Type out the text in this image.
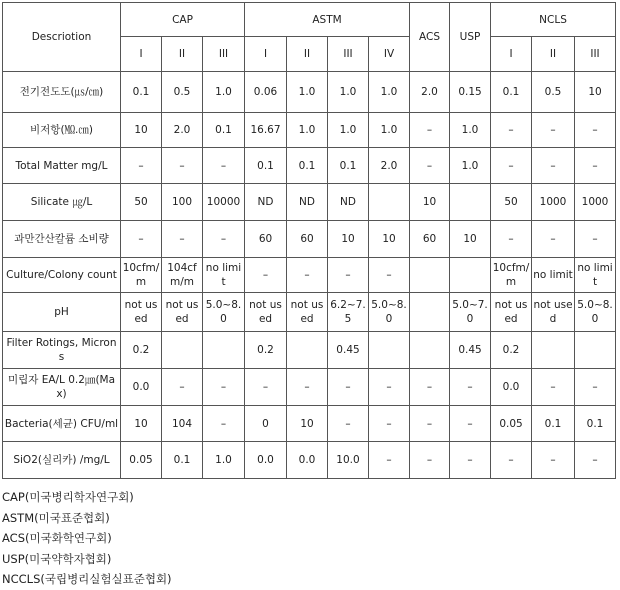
Descriotion	CAP			ASTM				ACS	USP	NCLS		
	I	II	III	I	II	III	IV			I	II	III
전기전도도(㎲/㎝)	0.1	0.5	1.0	0.06	1.0	1.0	1.0	2.0	0.15	0.1	0.5	10
비저항(㏁.㎝)	10	2.0	0.1	16.67	1.0	1.0	1.0	–	1.0	–	–	–
Total Matter mg/L	–	–	–	0.1	0.1	0.1	2.0	–	1.0	–	–	–
Silicate ㎍/L	50	100	10000	ND	ND	ND		10		50	1000	1000
과만간산칼륨 소비량	–	–	–	60	60	10	10	60	10	–	–	–
Culture/Colony count	10cfm/m	104cfm/m	no limit	–	–	–	–			10cfm/m	no limit	no limit
pH	not used	not used	5.0~8.0	not used	not used	6.2~7.5	5.0~8.0		5.0~7.0	not used	not used	5.0~8.0
Filter Rotings, Microns	0.2			0.2		0.45			0.45	0.2		
미립자 EA/L 0.2㎛(Max)	0.0	–	–	–	–	–	–	–	–	0.0	–	–
Bacteria(세균) CFU/ml	10	104	–	0	10	–	–	–	–	0.05	0.1	0.1
SiO2(실리카) /mg/L	0.05	0.1	1.0	0.0	0.0	10.0	–	–	–	–	–	–
CAP(미국병리학자연구회)
ASTM(미국표준협회)
ACS(미국화학연구회)
USP(미국약학자협회)
NCCLS(국립병리실험실표준협회)
